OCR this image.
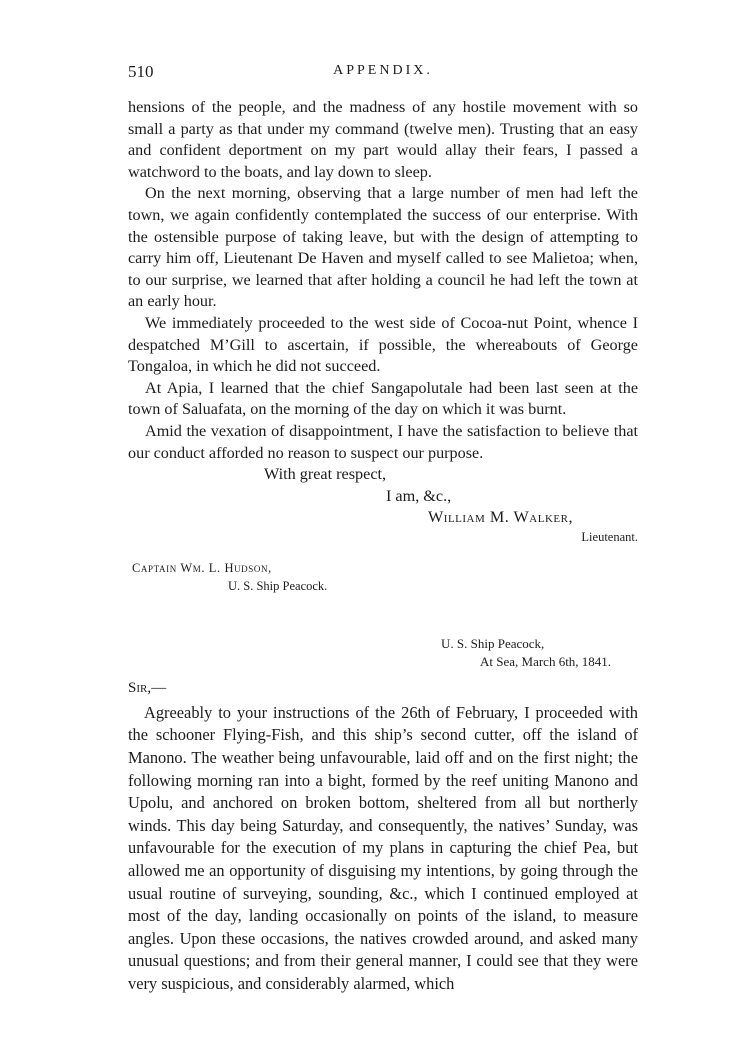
510	APPENDIX.

hensions of the people, and the madness of any hostile movement with so small a party as that under my command (twelve men). Trusting that an easy and confident deportment on my part would allay their fears, I passed a watchword to the boats, and lay down to sleep.

On the next morning, observing that a large number of men had left the town, we again confidently contemplated the success of our enterprise. With the ostensible purpose of taking leave, but with the design of attempting to carry him off, Lieutenant De Haven and myself called to see Malietoa; when, to our surprise, we learned that after holding a council he had left the town at an early hour.

We immediately proceeded to the west side of Cocoa-nut Point, whence I despatched M’Gill to ascertain, if possible, the whereabouts of George Tongaloa, in which he did not succeed.

At Apia, I learned that the chief Sangapolutale had been last seen at the town of Saluafata, on the morning of the day on which it was burnt.

Amid the vexation of disappointment, I have the satisfaction to believe that our conduct afforded no reason to suspect our purpose.

With great respect,
I am, &c.,
William M. Walker,
Lieutenant.
Captain Wm. L. Hudson,
U. S. Ship Peacock.
U. S. Ship Peacock,
At Sea, March 6th, 1841.
Sir,—

Agreeably to your instructions of the 26th of February, I proceeded with the schooner Flying-Fish, and this ship’s second cutter, off the island of Manono. The weather being unfavourable, laid off and on the first night; the following morning ran into a bight, formed by the reef uniting Manono and Upolu, and anchored on broken bottom, sheltered from all but northerly winds. This day being Saturday, and consequently, the natives’ Sunday, was unfavourable for the execution of my plans in capturing the chief Pea, but allowed me an opportunity of disguising my intentions, by going through the usual routine of surveying, sounding, &c., which I continued employed at most of the day, landing occasionally on points of the island, to measure angles. Upon these occasions, the natives crowded around, and asked many unusual questions; and from their general manner, I could see that they were very suspicious, and considerably alarmed, which
